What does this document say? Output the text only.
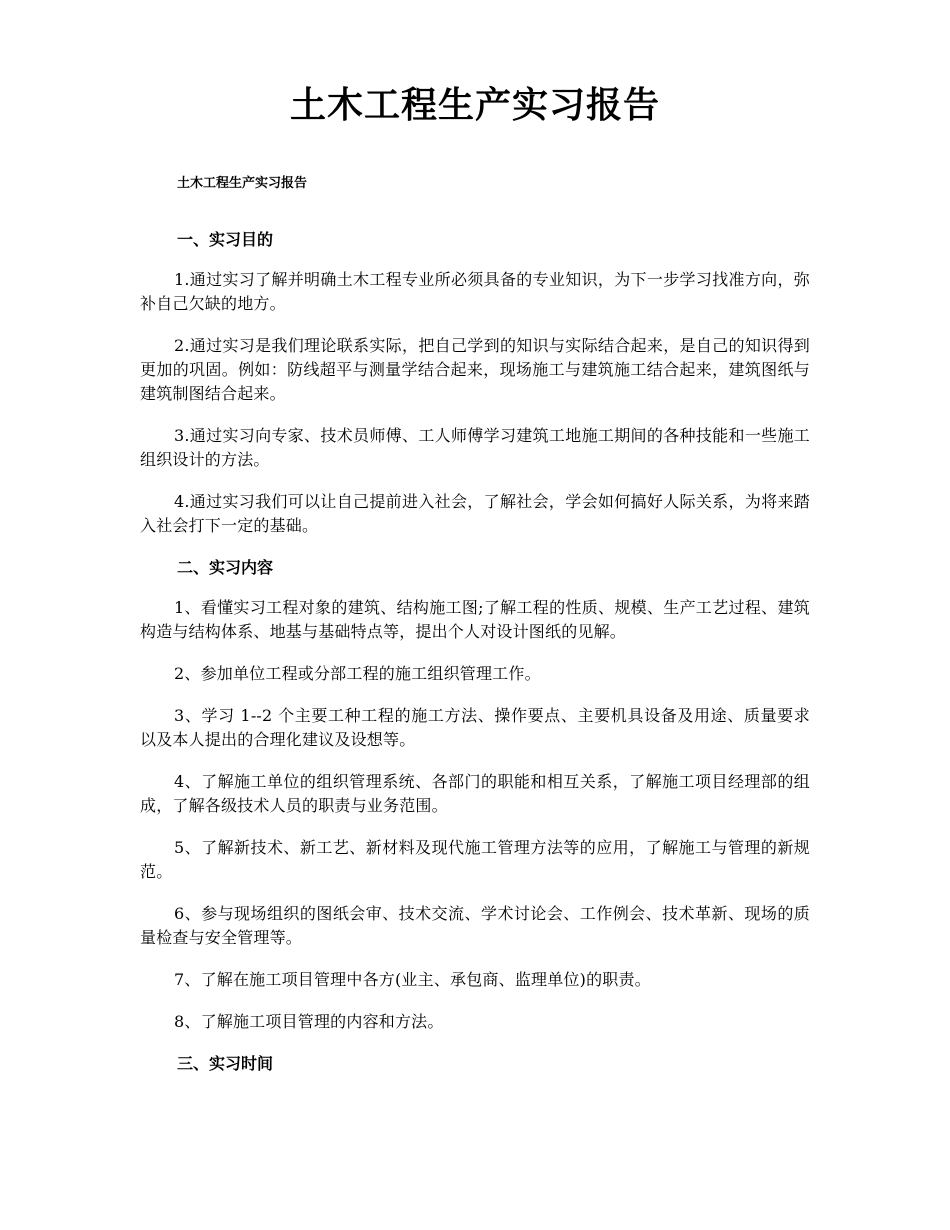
土木工程生产实习报告
土木工程生产实习报告
一、实习目的

1.通过实习了解并明确土木工程专业所必须具备的专业知识，为下一步学习找准方向，弥补自己欠缺的地方。

2.通过实习是我们理论联系实际，把自己学到的知识与实际结合起来，是自己的知识得到更加的巩固。例如：防线超平与测量学结合起来，现场施工与建筑施工结合起来，建筑图纸与建筑制图结合起来。

3.通过实习向专家、技术员师傅、工人师傅学习建筑工地施工期间的各种技能和一些施工组织设计的方法。

4.通过实习我们可以让自己提前进入社会，了解社会，学会如何搞好人际关系，为将来踏入社会打下一定的基础。

二、实习内容

1、看懂实习工程对象的建筑、结构施工图;了解工程的性质、规模、生产工艺过程、建筑构造与结构体系、地基与基础特点等，提出个人对设计图纸的见解。

2、参加单位工程或分部工程的施工组织管理工作。

3、学习 1--2 个主要工种工程的施工方法、操作要点、主要机具设备及用途、质量要求以及本人提出的合理化建议及设想等。

4、了解施工单位的组织管理系统、各部门的职能和相互关系，了解施工项目经理部的组成，了解各级技术人员的职责与业务范围。

5、了解新技术、新工艺、新材料及现代施工管理方法等的应用，了解施工与管理的新规范。

6、参与现场组织的图纸会审、技术交流、学术讨论会、工作例会、技术革新、现场的质量检查与安全管理等。

7、了解在施工项目管理中各方(业主、承包商、监理单位)的职责。

8、了解施工项目管理的内容和方法。

三、实习时间
